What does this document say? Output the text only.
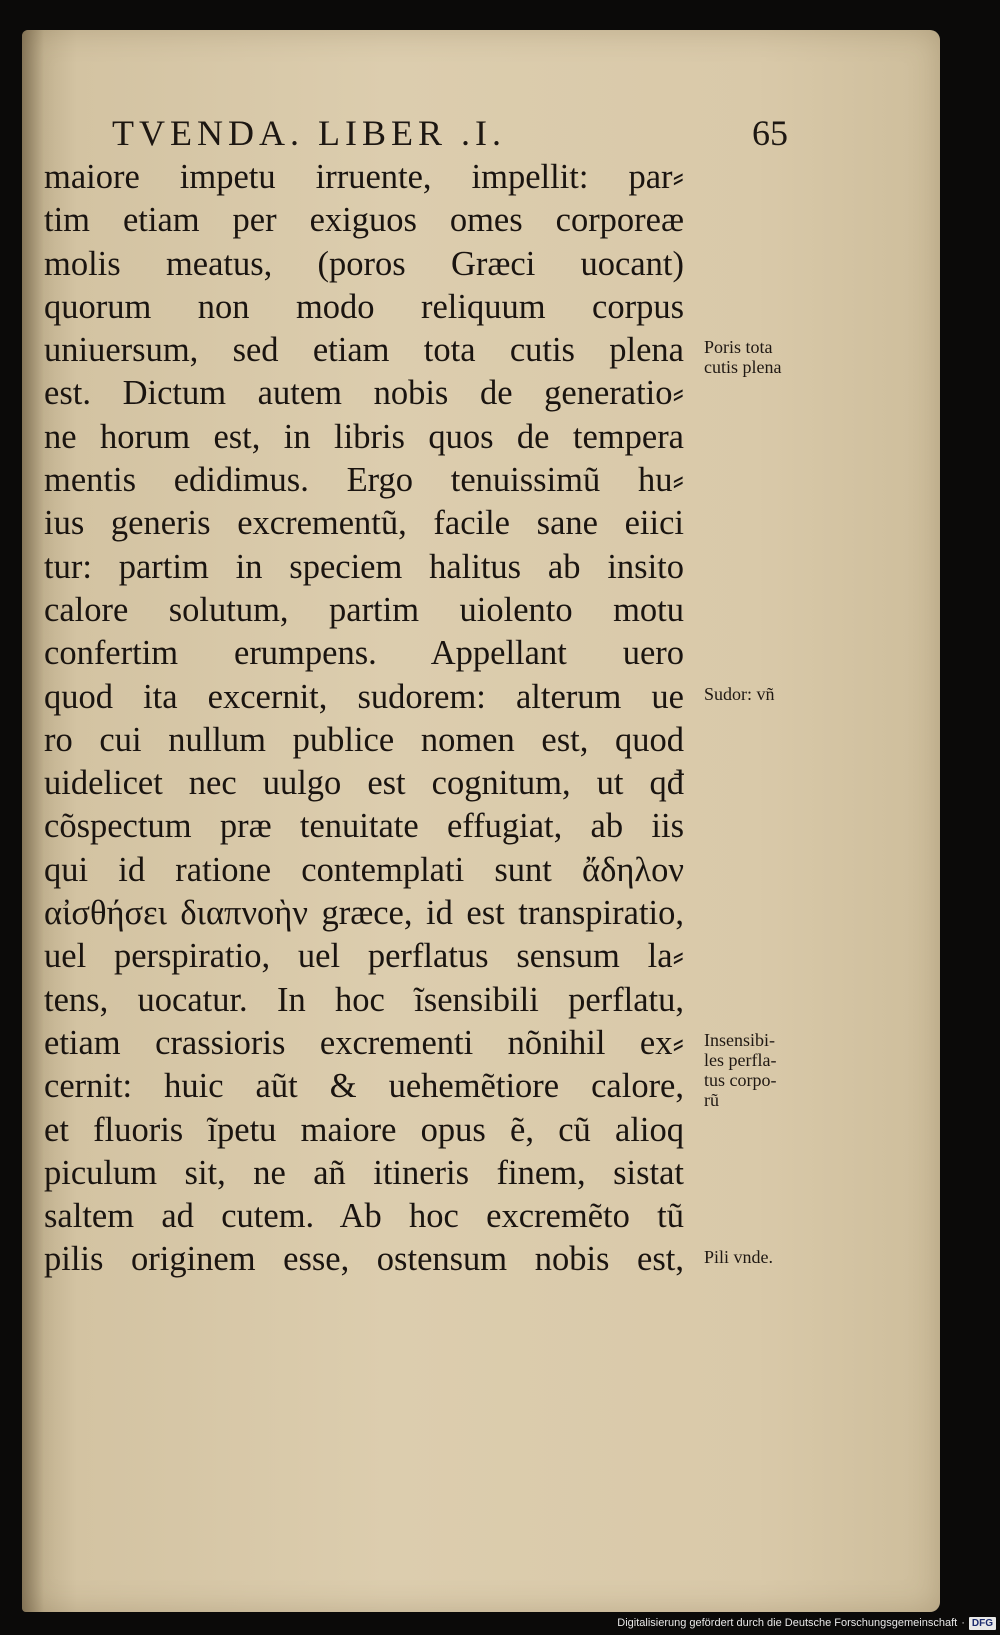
TVENDA. LIBER .I.	65
maiore impetu irruente, impellit: par⸗
tim etiam per exiguos omes corporeæ
molis meatus, (poros Græci uocant)
quorum non modo reliquum corpus
uniuersum, sed etiam tota cutis plena
est. Dictum autem nobis de generatio⸗
ne horum est, in libris quos de tempera
mentis edidimus. Ergo tenuissimũ hu⸗
ius generis excrementũ, facile sane eiici
tur: partim in speciem halitus ab insito
calore solutum, partim uiolento motu
confertim erumpens. Appellant uero
quod ita excernit, sudorem: alterum ue
ro cui nullum publice nomen est, quod
uidelicet nec uulgo est cognitum, ut qđ
cõspectum præ tenuitate effugiat, ab iis
qui id ratione contemplati sunt ἄδηλον
αἰσθήσει διαπνοὴν græce, id est transpiratio,
uel perspiratio, uel perflatus sensum la⸗
tens, uocatur. In hoc ĩsensibili perflatu,
etiam crassioris excrementi nõnihil ex⸗
cernit: huic aũt & uehemẽtiore calore,
et fluoris ĩpetu maiore opus ẽ, cũ alioq
piculum sit, ne añ itineris finem, sistat
saltem ad cutem. Ab hoc excremẽto tũ
pilis originem esse, ostensum nobis est,
Poris tota
cutis plena
Sudor: vñ
Insensibi-
les perfla-
tus corpo-
rũ
Pili vnde.
Digitalisierung gefördert durch die Deutsche Forschungsgemeinschaft · DFG
